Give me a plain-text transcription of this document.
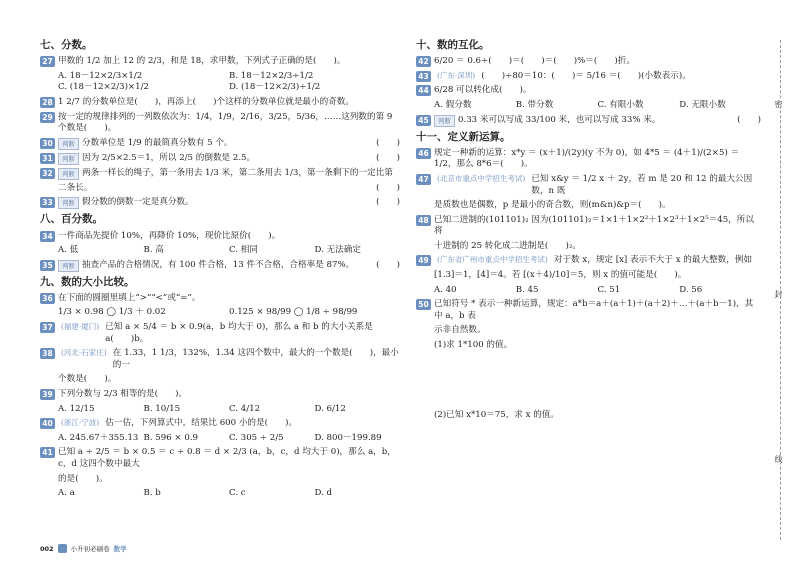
七、分数。
27 甲数的 1/2 加上 12 的 2/3，和是 18，求甲数，下列式子正确的是(　　)。
A. 18－12×2/3×1/2	B. 18－12×2/3÷1/2
C. (18－12×2/3)×1/2	D. (18－12×2/3)÷1/2
28 1 2/7 的分数单位是(　　)，再添上(　　)个这样的分数单位就是最小的奇数。
29 按一定的规律排列的一列数依次为：1/4，1/9，2/16，3/25，5/36，……这列数的第 9 个数是(　　)。
30	判断 分数单位是 1/9 的最简真分数有 5 个。	(　　)
31	判断 因为 2/5×2.5＝1，所以 2/5 的倒数是 2.5。	(　　)
32	判断 两条一样长的绳子，第一条用去 1/3 米，第二条用去 1/3，第一条剩下的一定比第
二条长。	(　　)
33	判断 假分数的倒数一定是真分数。	(　　)
八、百分数。
34 一件商品先提价 10%，再降价 10%，现价比原价(　　)。
A. 低	B. 高	C. 相同	D. 无法确定
35	判断 抽查产品的合格情况，有 100 件合格，13 件不合格，合格率是 87%。	(　　)
九、数的大小比较。
36 在下面的圆圈里填上“>”“<”或“=”。
1/3 × 0.98 ◯ 1/3 ＋ 0.02	0.125 × 98/99 ◯ 1/8 ÷ 98/99
37	(福建·厦门) 已知 a × 5/4 ＝ b × 0.9(a，b 均大于 0)，那么 a 和 b 的大小关系是 a(　　)b。
38	(河北·石家庄) 在 1.33，1 1/3，132%，1.3̇4 这四个数中，最大的一个数是(　　)，最小的一
个数是(　　)。
39 下列分数与 2/3 相等的是(　　)。
A. 12/15	B. 10/15	C. 4/12	D. 6/12
40	(浙江·宁波) 估一估，下列算式中，结果比 600 小的是(　　)。
A. 245.67＋355.13 B. 596 × 0.9	C. 305 ÷ 2/5	D. 800－199.89
41 已知 a ÷ 2/5 ＝ b × 0.5 ＝ c ÷ 0.8 ＝ d × 2/3 (a，b，c，d 均大于 0)，那么 a，b，c，d 这四个数中最大
的是(　　)。
A. a	B. b	C. c	D. d
十、数的互化。
42 6/20 ＝ 0.6÷(　　)＝(　　)＝(　　)%＝(　　)折。
43	(广东·深圳) (　　)÷80＝10：(　　)＝ 5/16 ＝(　　)(小数表示)。
44 6/28 可以转化成(　　)。
A. 假分数	B. 带分数	C. 有限小数	D. 无限小数
45	判断 0.33 米可以写成 33/100 米，也可以写成 33% 米。	(　　)
十一、定义新运算。
46 规定一种新的运算：x*y ＝ (x＋1)/(2y)(y 不为 0)，如 4*5 ＝ (4＋1)/(2×5) ＝ 1/2，那么 8*6＝(　　)。
47	(北京市重点中学招生考试) 已知 x&y ＝ 1/2 x ＋ 2y，若 m 是 20 和 12 的最大公因数，n 既
是质数也是偶数，p 是最小的奇合数，则(m&n)&p＝(　　)。
48 已知二进制的(101101)₂ 因为(101101)₂＝1×1＋1×2²＋1×2³＋1×2⁵＝45，所以将
十进制的 25 转化成二进制是(　　)₂。
49	(广东省广州市重点中学招生考试) 对于数 x，规定 [x] 表示不大于 x 的最大整数，例如
[1.3]＝1，[4]＝4。若 [(x＋4)/10]＝5，则 x 的值可能是(　　)。
A. 40	B. 45	C. 51	D. 56
50 已知符号 * 表示一种新运算，规定：a*b＝a＋(a＋1)＋(a＋2)＋…＋(a＋b－1)，其中 a，b 表
示非自然数。
(1)求 1*100 的值。
(2)已知 x*10＝75，求 x 的值。
密
封
线
002	小升初必刷卷 数学
